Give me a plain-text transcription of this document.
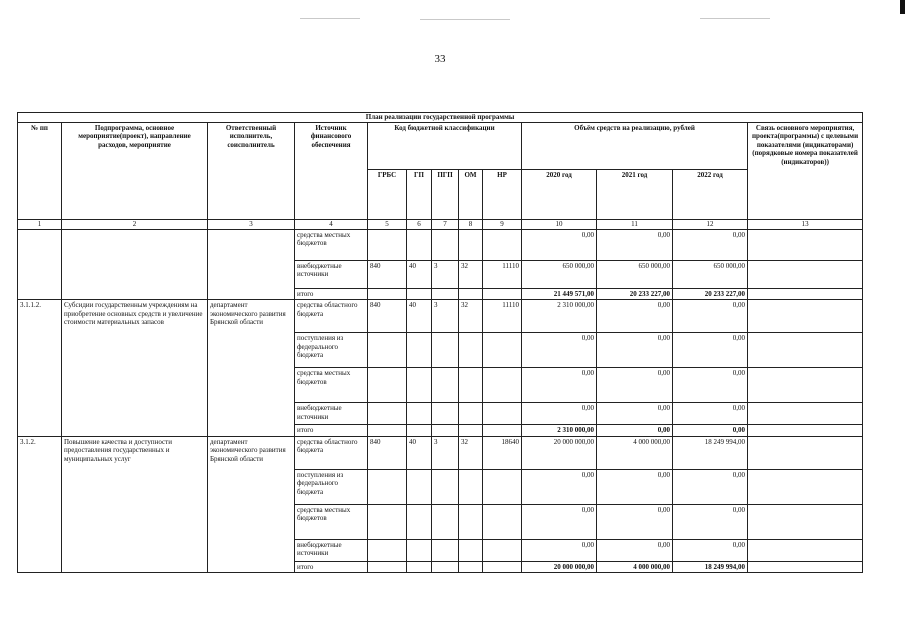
33
План реализации государственной программы												
№ пп	Подпрограмма, основное мероприятие(проект), направление расходов, мероприятие	Ответственный исполнитель, соисполнитель	Источник финансового обеспечения	Код бюджетной классификации					Объём средств на реализацию, рублей			Связь основного мероприятия, проекта(программы) с целевыми показателями (индикаторами) (порядковые номера показателей (индикаторов))
				ГРБС	ГП	ПГП	ОМ	НР	2020 год	2021 год	2022 год	
1	2	3	4	5	6	7	8	9	10	11	12	13
			средства местных бюджетов						0,00	0,00	0,00	
			внебюджетные источники	840	40	3	32	11110	650 000,00	650 000,00	650 000,00	
			итого						21 449 571,00	20 233 227,00	20 233 227,00	
3.1.1.2.	Субсидии государственным учреждениям на приобретение основных средств и увеличение стоимости материальных запасов	департамент экономического развития Брянской области	средства областного бюджета	840	40	3	32	11110	2 310 000,00	0,00	0,00	
			поступления из федерального бюджета						0,00	0,00	0,00	
			средства местных бюджетов						0,00	0,00	0,00	
			внебюджетные источники						0,00	0,00	0,00	
			итого						2 310 000,00	0,00	0,00	
3.1.2.	Повышение качества и доступности предоставления государственных и муниципальных услуг	департамент экономического развития Брянской области	средства областного бюджета	840	40	3	32	18640	20 000 000,00	4 000 000,00	18 249 994,00	
			поступления из федерального бюджета						0,00	0,00	0,00	
			средства местных бюджетов						0,00	0,00	0,00	
			внебюджетные источники						0,00	0,00	0,00	
			итого						20 000 000,00	4 000 000,00	18 249 994,00	
